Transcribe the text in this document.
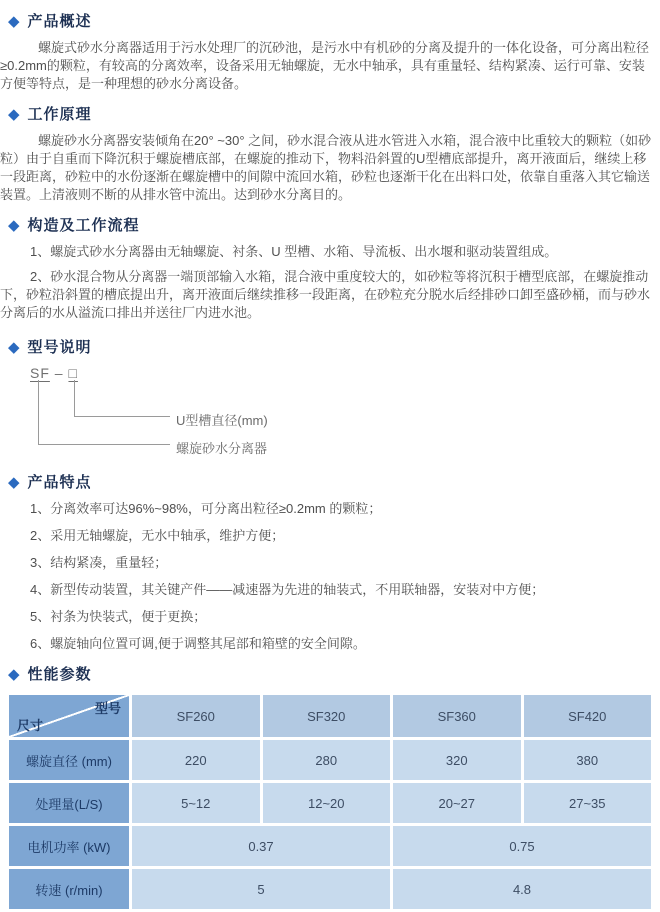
◆ 产品概述

螺旋式砂水分离器适用于污水处理厂的沉砂池，是污水中有机砂的分离及提升的一体化设备，可分离出粒径≥0.2mm的颗粒，有较高的分离效率，设备采用无轴螺旋，无水中轴承，具有重量轻、结构紧凑、运行可靠、安装方便等特点，是一种理想的砂水分离设备。

◆ 工作原理

螺旋砂水分离器安装倾角在20° ~30° 之间，砂水混合液从进水管进入水箱，混合液中比重较大的颗粒（如砂粒）由于自重而下降沉积于螺旋槽底部，在螺旋的推动下，物料沿斜置的U型槽底部提升，离开液面后，继续上移一段距离，砂粒中的水份逐渐在螺旋槽中的间隙中流回水箱，砂粒也逐渐干化在出料口处，依靠自重落入其它输送装置。上清液则不断的从排水管中流出。达到砂水分离目的。

◆ 构造及工作流程

1、螺旋式砂水分离器由无轴螺旋、衬条、U 型槽、水箱、导流板、出水堰和驱动装置组成。

2、砂水混合物从分离器一端顶部输入水箱，混合液中重度较大的，如砂粒等将沉积于槽型底部，在螺旋推动下，砂粒沿斜置的槽底提出升，离开液面后继续推移一段距离，在砂粒充分脱水后经排砂口卸至盛砂桶，而与砂水分离后的水从溢流口排出并送往厂内进水池。

◆ 型号说明
SF – □
U型槽直径(mm)
螺旋砂水分离器
◆ 产品特点

1、分离效率可达96%~98%，可分离出粒径≥0.2mm 的颗粒；

2、采用无轴螺旋，无水中轴承，维护方便；

3、结构紧凑，重量轻；

4、新型传动装置，其关键产件——减速器为先进的轴装式，不用联轴器，安装对中方便；

5、衬条为快装式，便于更换；

6、螺旋轴向位置可调,便于调整其尾部和箱壁的安全间隙。

◆ 性能参数
型号
尺寸	SF260	SF320	SF360	SF420
螺旋直径 (mm)	220	280	320	380
处理量(L/S)	5~12	12~20	20~27	27~35
电机功率 (kW)	0.37		0.75	
转速 (r/min)	5		4.8	
